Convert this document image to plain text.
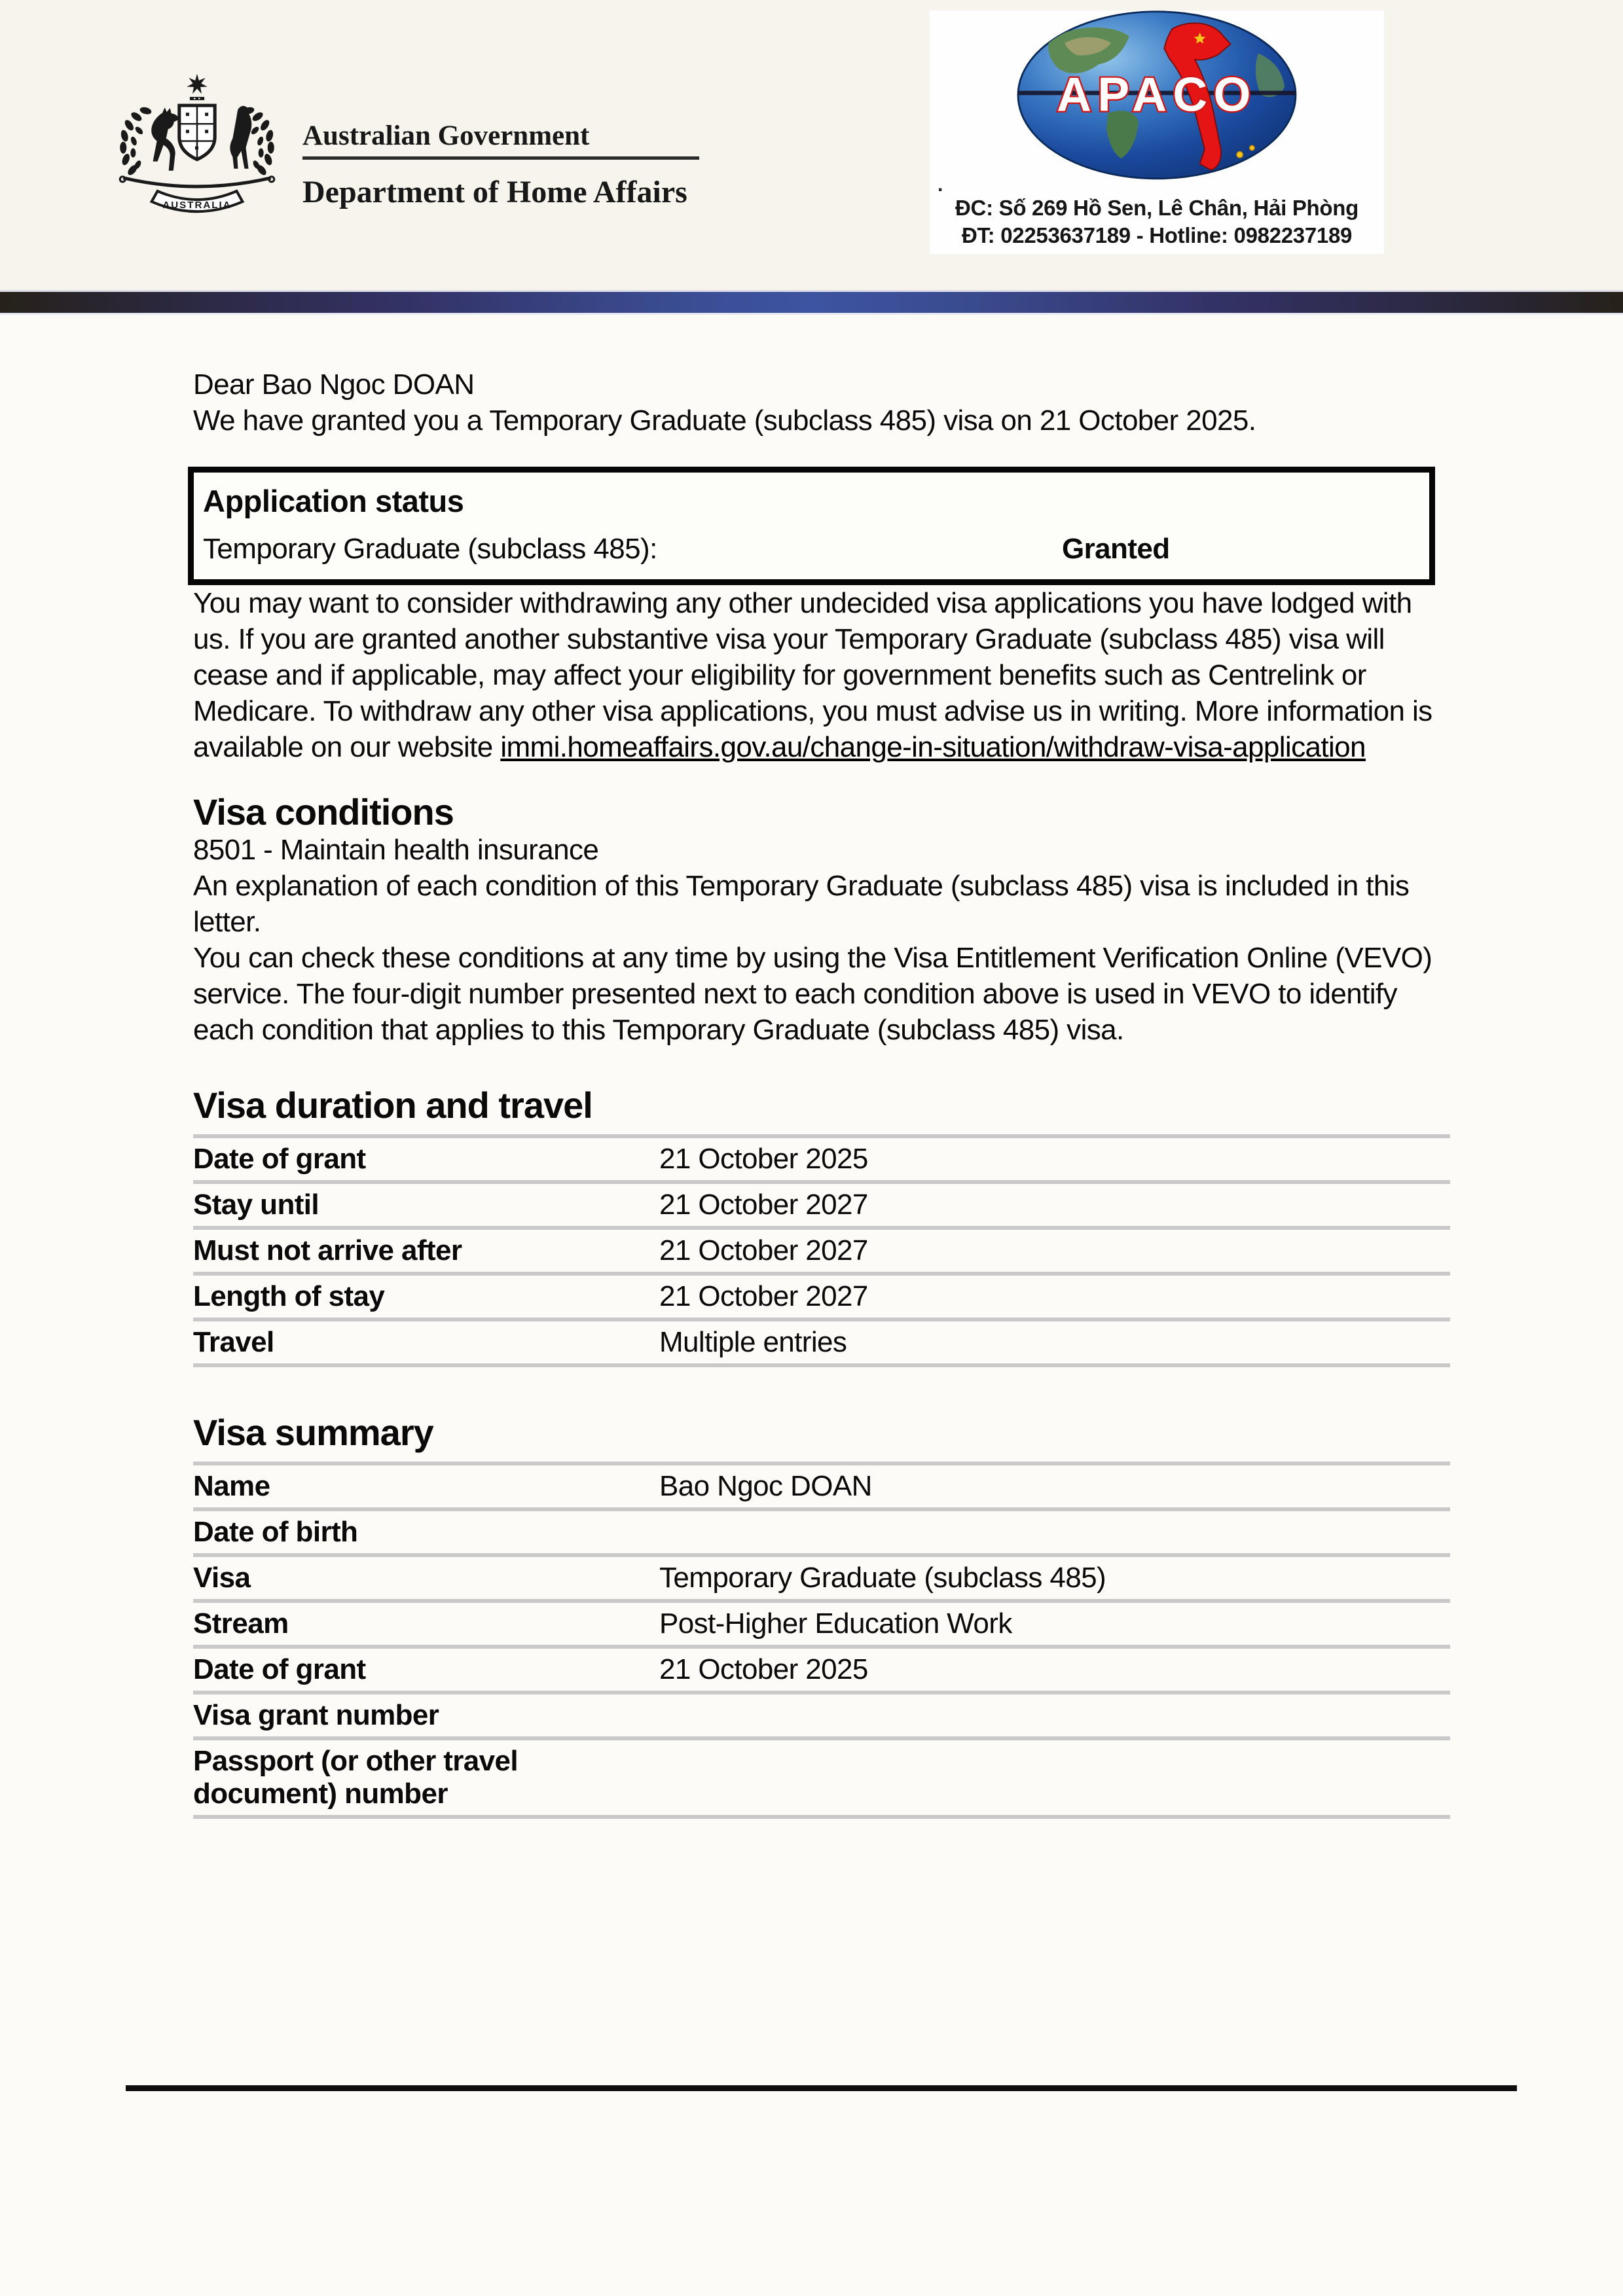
AUSTRALIA
Australian Government
Department of Home Affairs
APACO
.
ĐC: Số 269 Hồ Sen, Lê Chân, Hải Phòng
ĐT: 02253637189 - Hotline: 0982237189

Dear Bao Ngoc DOAN

We have granted you a Temporary Graduate (subclass 485) visa on 21 October 2025.

Application status
Temporary Graduate (subclass 485):	Granted

You may want to consider withdrawing any other undecided visa applications you have lodged with us. If you are granted another substantive visa your Temporary Graduate (subclass 485) visa will cease and if applicable, may affect your eligibility for government benefits such as Centrelink or Medicare. To withdraw any other visa applications, you must advise us in writing. More information is available on our website immi.homeaffairs.gov.au/change-in-situation/withdraw-visa-application

Visa conditions

8501 - Maintain health insurance

An explanation of each condition of this Temporary Graduate (subclass 485) visa is included in this letter.

You can check these conditions at any time by using the Visa Entitlement Verification Online (VEVO) service. The four-digit number presented next to each condition above is used in VEVO to identify each condition that applies to this Temporary Graduate (subclass 485) visa.

Visa duration and travel
Date of grant	21 October 2025
Stay until	21 October 2027
Must not arrive after	21 October 2027
Length of stay	21 October 2027
Travel	Multiple entries
Visa summary
Name	Bao Ngoc DOAN
Date of birth
Visa	Temporary Graduate (subclass 485)
Stream	Post-Higher Education Work
Date of grant	21 October 2025
Visa grant number
Passport (or other travel document) number
